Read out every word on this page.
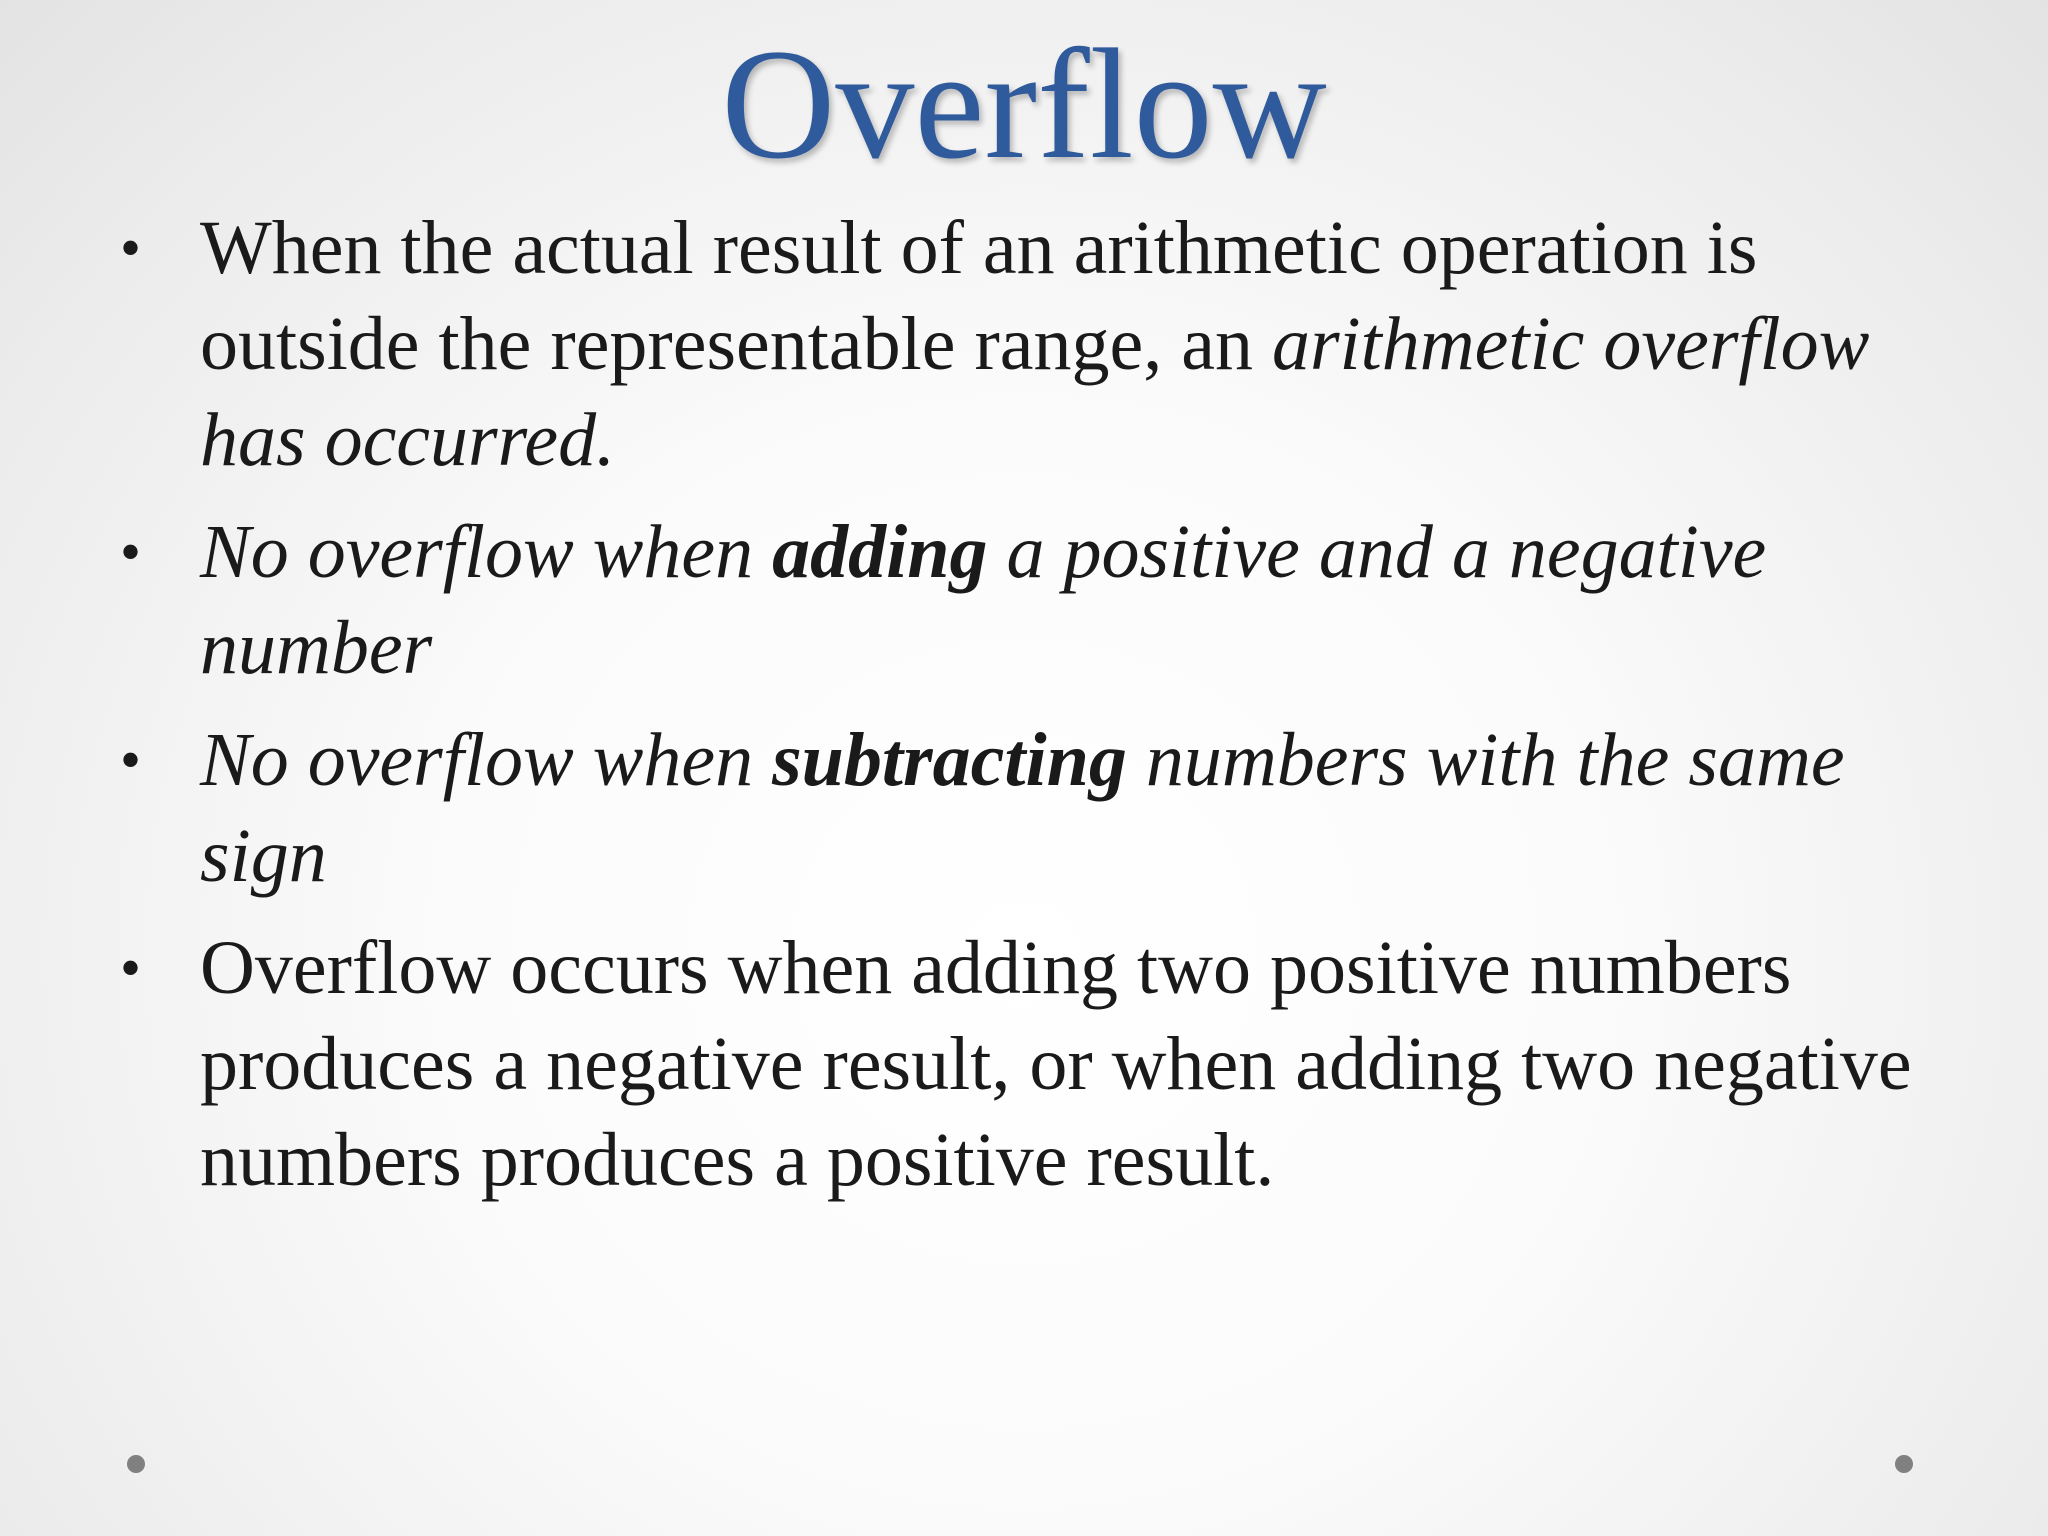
Overflow
• When the actual result of an arithmetic operation is outside the representable range, an arithmetic overflow has occurred.
• No overflow when adding a positive and a negative number
• No overflow when subtracting numbers with the same sign
• Overflow occurs when adding two positive numbers produces a negative result, or when adding two negative numbers produces a positive result.
